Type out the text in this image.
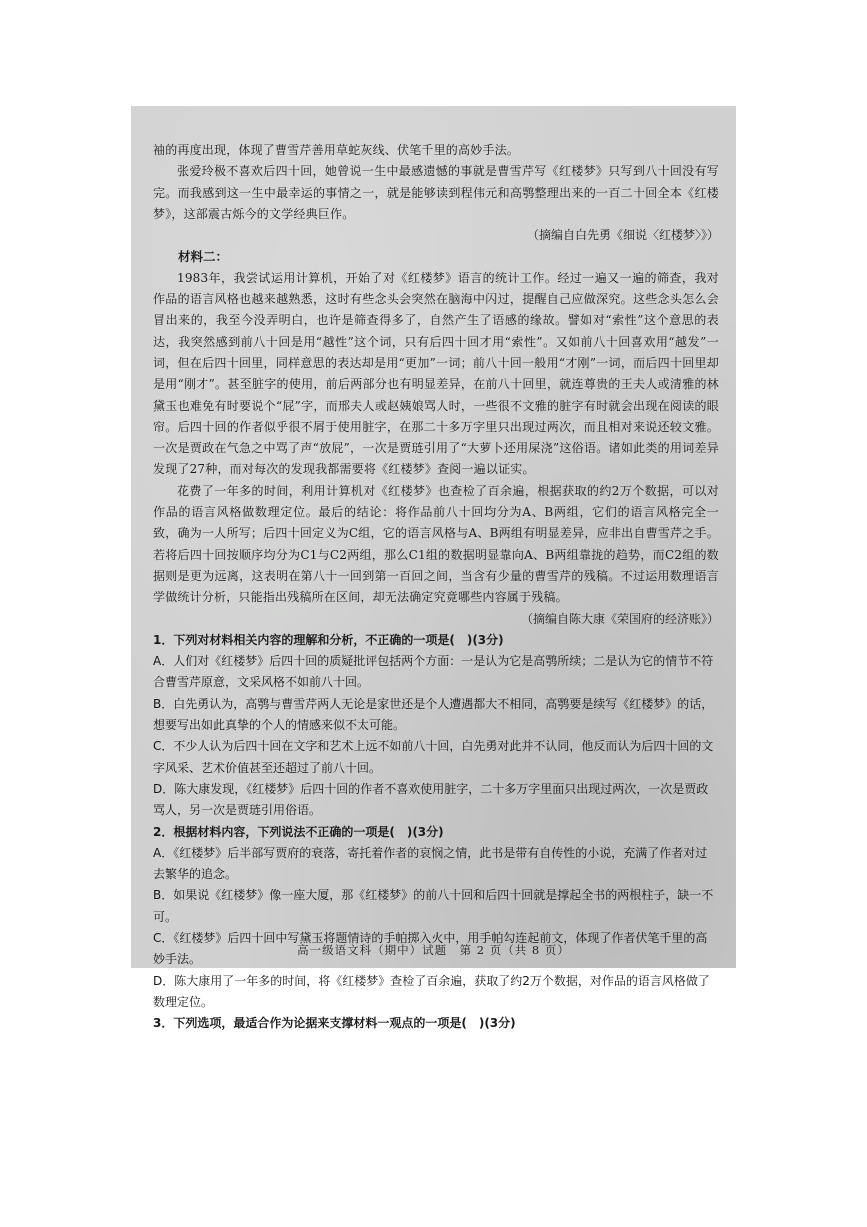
袖的再度出现，体现了曹雪芹善用草蛇灰线、伏笔千里的高妙手法。

张爱玲极不喜欢后四十回，她曾说一生中最感遗憾的事就是曹雪芹写《红楼梦》只写到八十回没有写完。而我感到这一生中最幸运的事情之一，就是能够读到程伟元和高鹗整理出来的一百二十回全本《红楼梦》，这部震古烁今的文学经典巨作。

（摘编自白先勇《细说〈红楼梦〉》）

材料二：

1983年，我尝试运用计算机，开始了对《红楼梦》语言的统计工作。经过一遍又一遍的筛查，我对作品的语言风格也越来越熟悉，这时有些念头会突然在脑海中闪过，提醒自己应做深究。这些念头怎么会冒出来的，我至今没弄明白，也许是筛查得多了，自然产生了语感的缘故。譬如对“索性”这个意思的表达，我突然感到前八十回是用“越性”这个词，只有后四十回才用“索性”。又如前八十回喜欢用“越发”一词，但在后四十回里，同样意思的表达却是用“更加”一词；前八十回一般用“才刚”一词，而后四十回里却是用“刚才”。甚至脏字的使用，前后两部分也有明显差异，在前八十回里，就连尊贵的王夫人或清雅的林黛玉也难免有时要说个“屁”字，而邢夫人或赵姨娘骂人时，一些很不文雅的脏字有时就会出现在阅读的眼帘。后四十回的作者似乎很不屑于使用脏字，在那二十多万字里只出现过两次，而且相对来说还较文雅。一次是贾政在气急之中骂了声“放屁”，一次是贾琏引用了“大萝卜还用屎浇”这俗语。诸如此类的用词差异发现了27种，而对每次的发现我都需要将《红楼梦》查阅一遍以证实。

花费了一年多的时间，利用计算机对《红楼梦》也查检了百余遍，根据获取的约2万个数据，可以对作品的语言风格做数理定位。最后的结论：将作品前八十回均分为A、B两组，它们的语言风格完全一致，确为一人所写；后四十回定义为C组，它的语言风格与A、B两组有明显差异，应非出自曹雪芹之手。若将后四十回按顺序均分为C1与C2两组，那么C1组的数据明显靠向A、B两组靠拢的趋势，而C2组的数据则是更为远离，这表明在第八十一回到第一百回之间，当含有少量的曹雪芹的残稿。不过运用数理语言学做统计分析，只能指出残稿所在区间，却无法确定究竟哪些内容属于残稿。

（摘编自陈大康《荣国府的经济账》）

1．下列对材料相关内容的理解和分析，不正确的一项是(　)(3分)

A．人们对《红楼梦》后四十回的质疑批评包括两个方面：一是认为它是高鹗所续；二是认为它的情节不符合曹雪芹原意，文采风格不如前八十回。

B．白先勇认为，高鹗与曹雪芹两人无论是家世还是个人遭遇都大不相同，高鹗要是续写《红楼梦》的话，想要写出如此真挚的个人的情感来似不太可能。

C．不少人认为后四十回在文字和艺术上远不如前八十回，白先勇对此并不认同，他反而认为后四十回的文字风采、艺术价值甚至还超过了前八十回。

D．陈大康发现，《红楼梦》后四十回的作者不喜欢使用脏字，二十多万字里面只出现过两次，一次是贾政骂人，另一次是贾琏引用俗语。

2．根据材料内容，下列说法不正确的一项是(　)(3分)

A．《红楼梦》后半部写贾府的衰落，寄托着作者的哀悯之情，此书是带有自传性的小说，充满了作者对过去繁华的追念。

B．如果说《红楼梦》像一座大厦，那《红楼梦》的前八十回和后四十回就是撑起全书的两根柱子，缺一不可。

C．《红楼梦》后四十回中写黛玉将题情诗的手帕掷入火中，用手帕勾连起前文，体现了作者伏笔千里的高妙手法。

D．陈大康用了一年多的时间，将《红楼梦》查检了百余遍，获取了约2万个数据，对作品的语言风格做了数理定位。

3．下列选项，最适合作为论据来支撑材料一观点的一项是(　)(3分)

高一级语文科（期中）试题　第 2 页（共 8 页）
